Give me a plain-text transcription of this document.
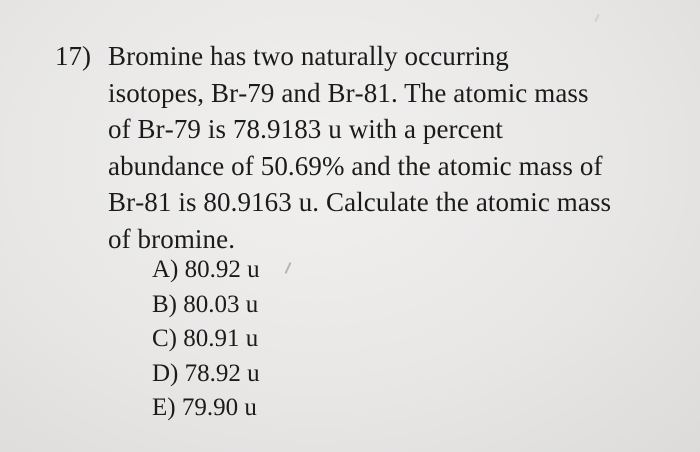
17) Bromine has two naturally occurring
isotopes, Br‑79 and Br‑81. The atomic mass
of Br‑79 is 78.9183 u with a percent
abundance of 50.69% and the atomic mass of
Br‑81 is 80.9163 u. Calculate the atomic mass
of bromine.
A) 80.92 u
B) 80.03 u
C) 80.91 u
D) 78.92 u
E) 79.90 u
